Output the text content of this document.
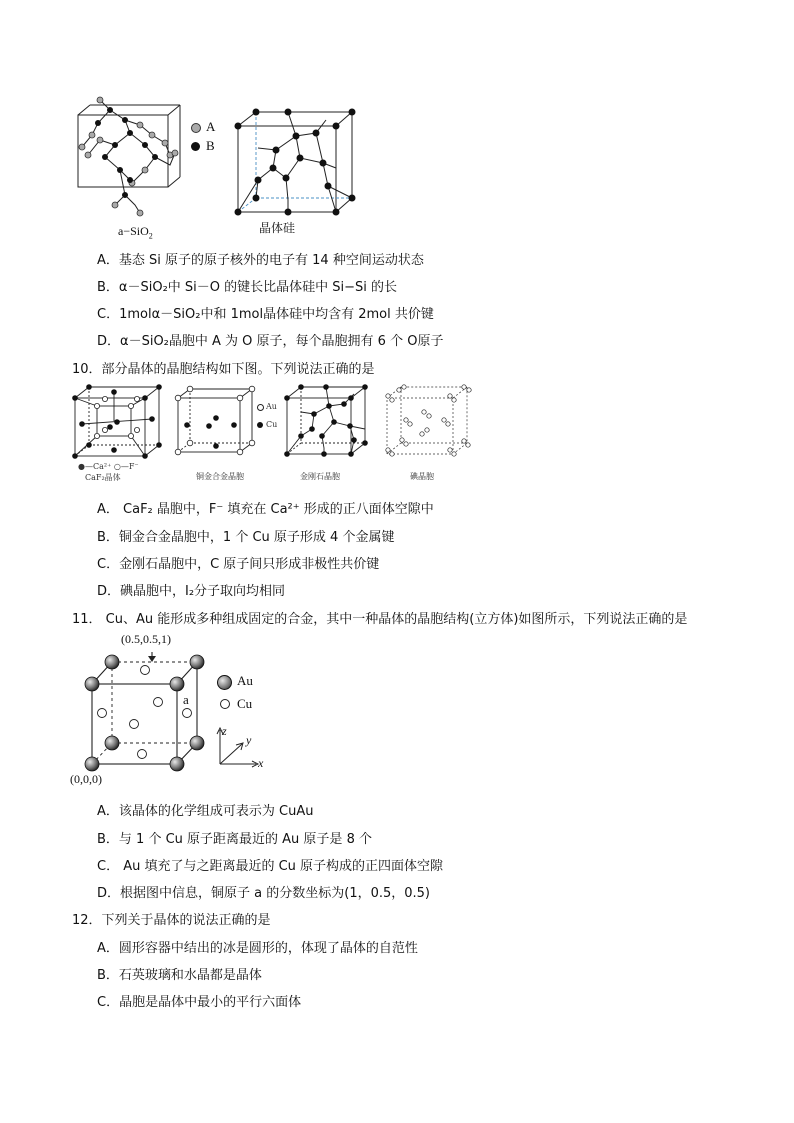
A
B
a−SiO$_2$
晶体硅
A．基态 Si 原子的原子核外的电子有 14 种空间运动状态
B．α－SiO₂中 Si－O 的键长比晶体硅中 Si−Si 的长
C．1molα－SiO₂中和 1mol晶体硅中均含有 2mol 共价键
D．α－SiO₂晶胞中 A 为 O 原子，每个晶胞拥有 6 个 O原子
10．部分晶体的晶胞结构如下图。下列说法正确的是
●—Ca²⁺ ○—F⁻
CaF₂晶体
Au
Cu
铜金合金晶胞	金刚石晶胞	碘晶胞
A． CaF₂ 晶胞中，F⁻ 填充在 Ca²⁺ 形成的正八面体空隙中
B．铜金合金晶胞中，1 个 Cu 原子形成 4 个金属键
C．金刚石晶胞中，C 原子间只形成非极性共价键
D．碘晶胞中，I₂分子取向均相同
11． Cu、Au 能形成多种组成固定的合金，其中一种晶体的晶胞结构(立方体)如图所示，下列说法正确的是
(0.5,0.5,1)
(0,0,0)
a
Au
Cu
z
y
x
A．该晶体的化学组成可表示为 CuAu
B．与 1 个 Cu 原子距离最近的 Au 原子是 8 个
C． Au 填充了与之距离最近的 Cu 原子构成的正四面体空隙
D．根据图中信息，铜原子 a 的分数坐标为(1，0.5，0.5)
12．下列关于晶体的说法正确的是
A．圆形容器中结出的冰是圆形的，体现了晶体的自范性
B．石英玻璃和水晶都是晶体
C．晶胞是晶体中最小的平行六面体
